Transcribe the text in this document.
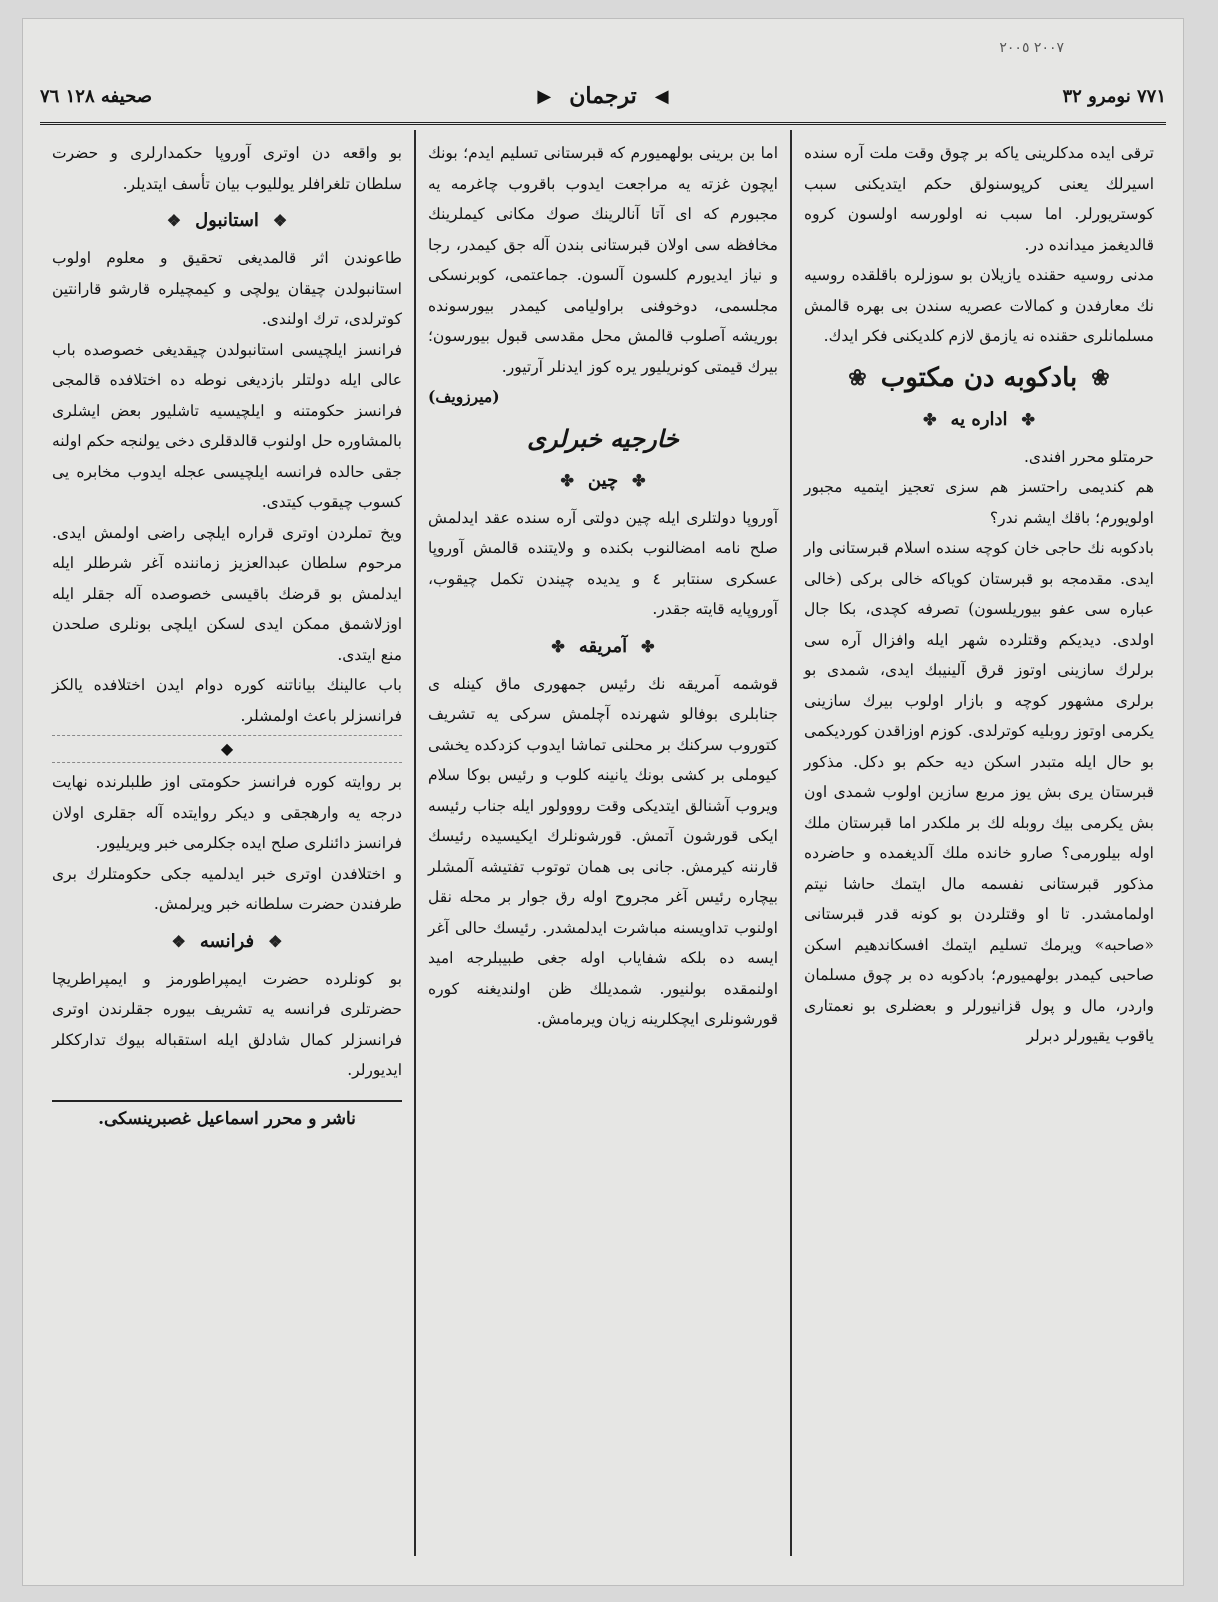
٢٠٠٧ ٢٠٠٥
صحيفه ١٢٨ ٧٦	◀
ترجمان
▶	٧٧١ نومرو ٣٢

ترقی ايده مدكلرينی ياكه بر چوق وقت ملت آره سنده اسيرلك يعنی كرپوسنولق حكم ايتديكنی سبب كوستريورلر. اما سبب نه اولورسه اولسون كروه قالديغمز ميدانده در.

مدنی روسيه حقنده يازيلان بو سوزلره باقلقده روسيه نك معارفدن و كمالات عصريه سندن بی بهره قالمش مسلمانلری حقنده نه يازمق لازم كلديكنی فكر ايدك.

❀
بادكوبه دن مكتوب
❀
✤
اداره يه
✤

حرمتلو محرر افندی.

هم كنديمی راحتسز هم سزی تعجيز ايتميه مجبور اولويورم؛ باقك ايشم ندر؟

بادكوبه نك حاجی خان كوچه سنده اسلام قبرستانی وار ايدی. مقدمجه بو قبرستان كوياكه خالی بركی (خالی عباره سی عفو بيوريلسون) تصرفه كچدی، بكا جال اولدی. ديديكم وقتلرده شهر ايله وافزال آره سی برلرك سازينی اوتوز قرق آلينيبك ايدی، شمدی بو برلری مشهور كوچه و بازار اولوب بيرك سازينی يكرمی اوتوز روبليه كوترلدی. كوزم اوزاقدن كورديكمی بو حال ايله متبدر اسكن ديه حكم بو دكل. مذكور قبرستان يری بش يوز مربع سازين اولوب شمدی اون بش يكرمی بيك روبله لك بر ملكدر اما قبرستان ملك اوله بيلورمی؟ صارو خانده ملك آلديغمده و حاضرده مذكور قبرستانی نفسمه مال ايتمك حاشا نيتم اولمامشدر. تا او وقتلردن بو كونه قدر قبرستانی «صاحبه» ويرمك تسليم ايتمك افسكاندهيم اسكن صاحبی كيمدر بولهميورم؛ بادكوبه ده بر چوق مسلمان واردر، مال و پول قزانيورلر و بعضلری بو نعمتاری ياقوب يقيورلر دبرلر

اما بن برينی بولهميورم كه قبرستانی تسليم ايدم؛ بونك ايچون غزته يه مراجعت ايدوب باقروب چاغرمه يه مجبورم كه ای آتا آنالرينك صوك مكانی كيملرينك مخافظه سی اولان قبرستانی بندن آله جق كيمدر، رجا و نياز ايديورم كلسون آلسون. جماعتمی، كوبرنسكی مجلسمی، دوخوفنی براوليامی كيمدر بيورسونده بوريشه آصلوب قالمش محل مقدسی قبول بيورسون؛ بيرك قيمتی كونريليور يره كوز ايدنلر آرتيور.

(ميرزويف)

خارجيه خبرلری
✤
چين
✤

آوروپا دولتلری ايله چين دولتی آره سنده عقد ايدلمش صلح نامه امضالنوب بكنده و ولايتنده قالمش آوروپا عسكری سنتابر ٤ و يديده چيندن تكمل چيقوب، آوروپايه قايته جقدر.

✤
آمريقه
✤

قوشمه آمريقه نك رئيس جمهوری ماق كينله ی جنابلری بوفالو شهرنده آچلمش سركی يه تشريف كتوروب سركنك بر محلنی تماشا ايدوب كزدكده يخشی كيوملی بر كشی بونك يانينه كلوب و رئيس بوكا سلام ويروب آشنالق ايتديكی وقت رووولور ايله جناب رئيسه ايكی قورشون آتمش. قورشونلرك ايكيسيده رئيسك قارننه كيرمش. جانی بی همان توتوب تفتيشه آلمشلر بيچاره رئيس آغر مجروح اوله رق جوار بر محله نقل اولنوب تداويسنه مباشرت ايدلمشدر. رئيسك حالی آغر ايسه ده بلكه شفاياب اوله جغی طبيبلرجه اميد اولنمقده بولنيور. شمديلك ظن اولندیغنه كوره قورشونلری ايچكلرينه زيان ويرمامش.

بو واقعه دن اوتری آوروپا حكمدارلری و حضرت سلطان تلغرافلر يولليوب بيان تأسف ايتديلر.

❖
استانبول
❖

طاعوندن اثر قالمديغی تحقيق و معلوم اولوب استانبولدن چيقان يولچی و كيمچيلره قارشو قارانتين كوترلدی، ترك اولندی.

فرانسز ايلچيسی استانبولدن چيقديغی خصوصده باب عالی ايله دولتلر بازديغی نوطه ده اختلافده قالمجی فرانسز حكومتنه و ايلچيسيه تاشليور بعض ايشلری بالمشاوره حل اولنوب قالدقلری دخی يولنجه حكم اولنه جقی حالده فرانسه ايلچيسی عجله ايدوب مخابره يی كسوب چيقوب كيتدی.

ويخ تملردن اوتری قراره ايلچی راضی اولمش ايدی. مرحوم سلطان عبدالعزيز زماننده آغر شرطلر ايله ايدلمش بو قرضك باقيسی خصوصده آله جقلر ايله اوزلاشمق ممكن ايدی لسكن ايلچی بونلری صلحدن منع ايتدی.

باب عالينك بياناتنه كوره دوام ايدن اختلافده يالكز فرانسزلر باعث اولمشلر.

◆

بر روايته كوره فرانسز حكومتی اوز طلبلرنده نهايت درجه يه وارهجقی و ديكر روايتده آله جقلری اولان فرانسز دائنلری صلح ايده جكلرمی خبر ويريليور.

و اختلافدن اوتری خبر ايدلميه جكی حكومتلرك بری طرفندن حضرت سلطانه خبر ويرلمش.

❖
فرانسه
❖

بو كونلرده حضرت ايمپراطورمز و ايمپراطريچا حضرتلری فرانسه يه تشريف بيوره جقلرندن اوتری فرانسزلر كمال شادلق ايله استقباله بيوك تدارككلر ايديورلر.

ناشر و محرر اسماعيل غصبرينسكی.
